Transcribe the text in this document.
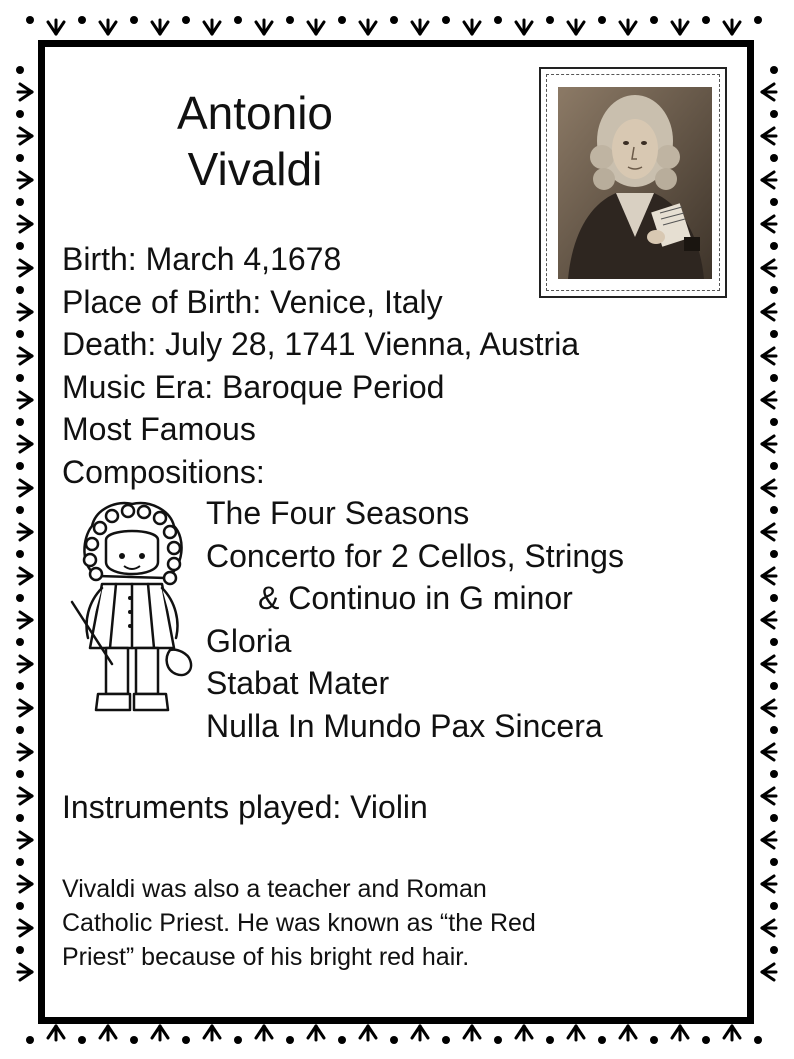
Antonio
Vivaldi
Birth: March 4,1678
Place of Birth: Venice, Italy
Death: July 28, 1741 Vienna, Austria
Music Era: Baroque Period
Most Famous
Compositions:
The Four Seasons
Concerto for 2 Cellos, Strings
& Continuo in G minor
Gloria
Stabat Mater
Nulla In Mundo Pax Sincera
Instruments played: Violin

Vivaldi was also a teacher and Roman

Catholic Priest. He was known as “the Red

Priest” because of his bright red hair.
